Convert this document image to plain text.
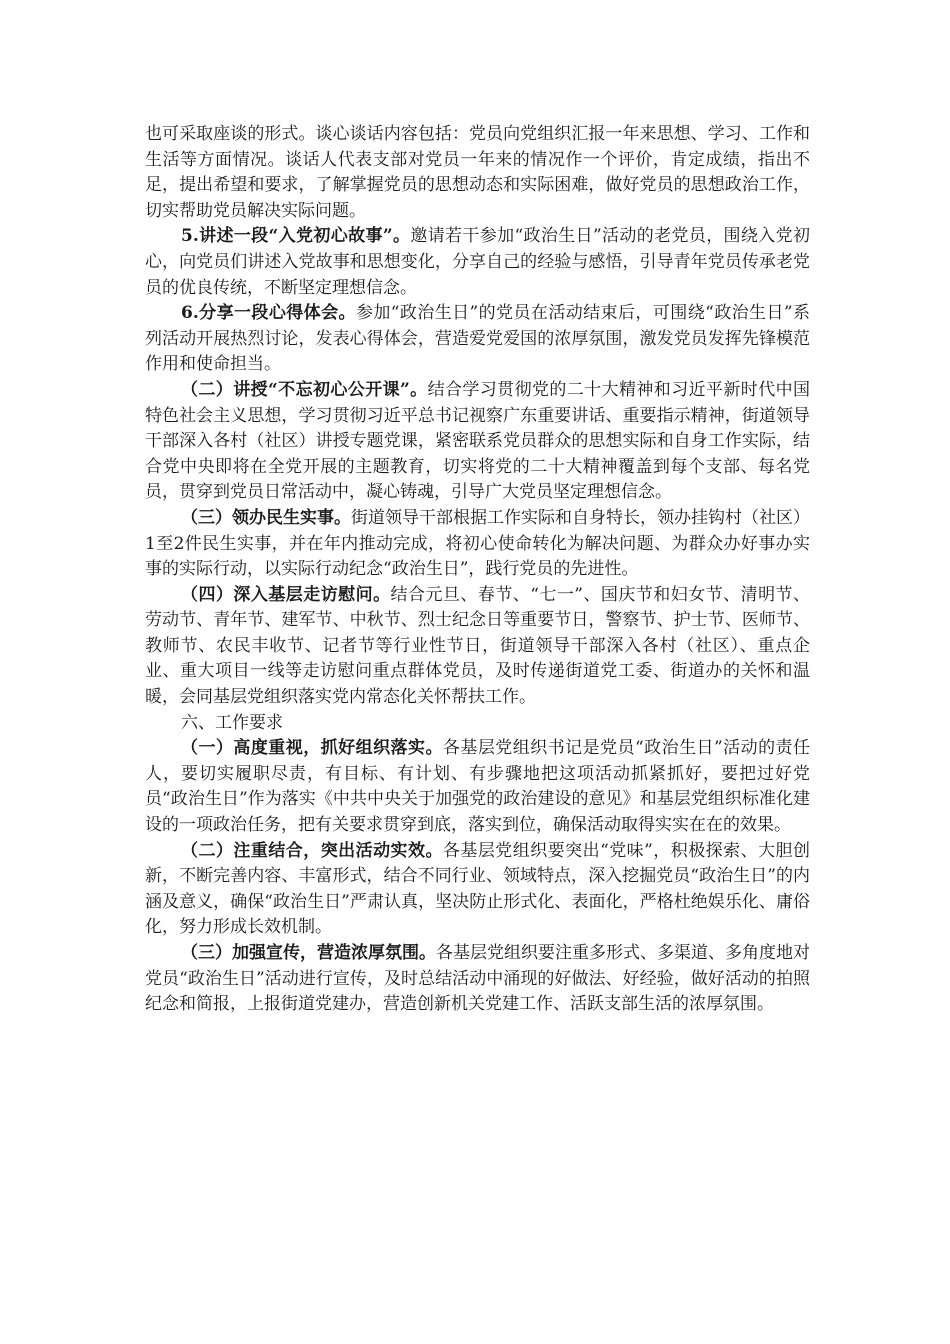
也可采取座谈的形式。谈心谈话内容包括：党员向党组织汇报一年来思想、学习、工作和生活等方面情况。谈话人代表支部对党员一年来的情况作一个评价，肯定成绩，指出不足，提出希望和要求，了解掌握党员的思想动态和实际困难，做好党员的思想政治工作，切实帮助党员解决实际问题。

5.讲述一段“入党初心故事”。邀请若干参加“政治生日”活动的老党员，围绕入党初心，向党员们讲述入党故事和思想变化，分享自己的经验与感悟，引导青年党员传承老党员的优良传统，不断坚定理想信念。

6.分享一段心得体会。参加“政治生日”的党员在活动结束后，可围绕“政治生日”系列活动开展热烈讨论，发表心得体会，营造爱党爱国的浓厚氛围，激发党员发挥先锋模范作用和使命担当。

（二）讲授“不忘初心公开课”。结合学习贯彻党的二十大精神和习近平新时代中国特色社会主义思想，学习贯彻习近平总书记视察广东重要讲话、重要指示精神，街道领导干部深入各村（社区）讲授专题党课，紧密联系党员群众的思想实际和自身工作实际，结合党中央即将在全党开展的主题教育，切实将党的二十大精神覆盖到每个支部、每名党员，贯穿到党员日常活动中，凝心铸魂，引导广大党员坚定理想信念。

（三）领办民生实事。街道领导干部根据工作实际和自身特长，领办挂钩村（社区）1至2件民生实事，并在年内推动完成，将初心使命转化为解决问题、为群众办好事办实事的实际行动，以实际行动纪念“政治生日”，践行党员的先进性。

（四）深入基层走访慰问。结合元旦、春节、“七一”、国庆节和妇女节、清明节、劳动节、青年节、建军节、中秋节、烈士纪念日等重要节日，警察节、护士节、医师节、教师节、农民丰收节、记者节等行业性节日，街道领导干部深入各村（社区）、重点企业、重大项目一线等走访慰问重点群体党员，及时传递街道党工委、街道办的关怀和温暖，会同基层党组织落实党内常态化关怀帮扶工作。

六、工作要求

（一）高度重视，抓好组织落实。各基层党组织书记是党员“政治生日”活动的责任人，要切实履职尽责，有目标、有计划、有步骤地把这项活动抓紧抓好，要把过好党员“政治生日”作为落实《中共中央关于加强党的政治建设的意见》和基层党组织标准化建设的一项政治任务，把有关要求贯穿到底，落实到位，确保活动取得实实在在的效果。

（二）注重结合，突出活动实效。各基层党组织要突出“党味”，积极探索、大胆创新，不断完善内容、丰富形式，结合不同行业、领域特点，深入挖掘党员“政治生日”的内涵及意义，确保“政治生日”严肃认真，坚决防止形式化、表面化，严格杜绝娱乐化、庸俗化，努力形成长效机制。

（三）加强宣传，营造浓厚氛围。各基层党组织要注重多形式、多渠道、多角度地对党员“政治生日”活动进行宣传，及时总结活动中涌现的好做法、好经验，做好活动的拍照纪念和简报，上报街道党建办，营造创新机关党建工作、活跃支部生活的浓厚氛围。
